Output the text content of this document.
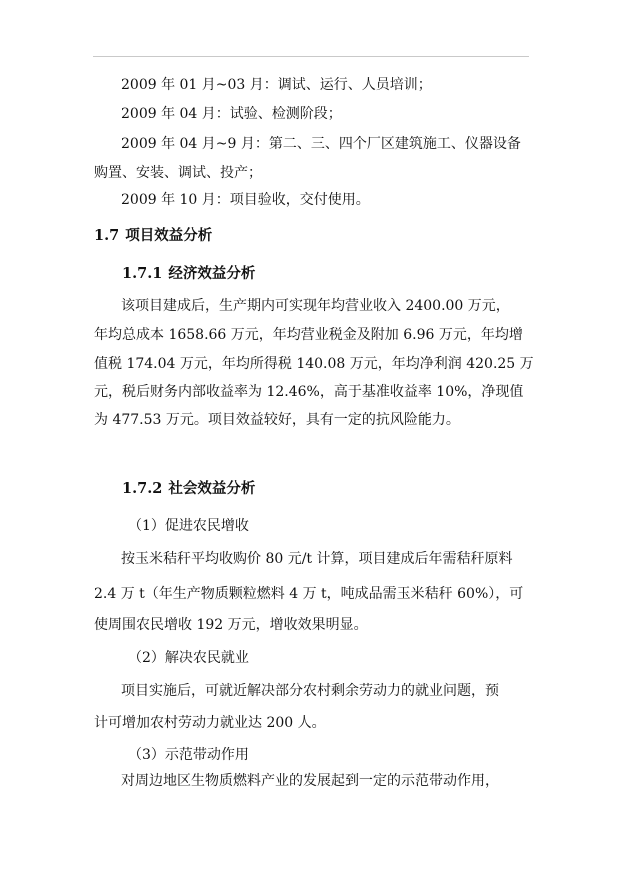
2009 年 01 月~03 月：调试、运行、人员培训；
2009 年 04 月：试验、检测阶段；
2009 年 04 月~9 月：第二、三、四个厂区建筑施工、仪器设备
购置、安装、调试、投产；
2009 年 10 月：项目验收，交付使用。
1.7 项目效益分析
1.7.1 经济效益分析
该项目建成后，生产期内可实现年均营业收入 2400.00 万元，
年均总成本 1658.66 万元，年均营业税金及附加 6.96 万元，年均增
值税 174.04 万元，年均所得税 140.08 万元，年均净利润 420.25 万
元，税后财务内部收益率为 12.46%，高于基准收益率 10%，净现值
为 477.53 万元。项目效益较好，具有一定的抗风险能力。
1.7.2 社会效益分析
（1）促进农民增收
按玉米秸秆平均收购价 80 元/t 计算，项目建成后年需秸秆原料
2.4 万 t（年生产物质颗粒燃料 4 万 t，吨成品需玉米秸秆 60%），可
使周围农民增收 192 万元，增收效果明显。
（2）解决农民就业
项目实施后，可就近解决部分农村剩余劳动力的就业问题，预
计可增加农村劳动力就业达 200 人。
（3）示范带动作用
对周边地区生物质燃料产业的发展起到一定的示范带动作用，
